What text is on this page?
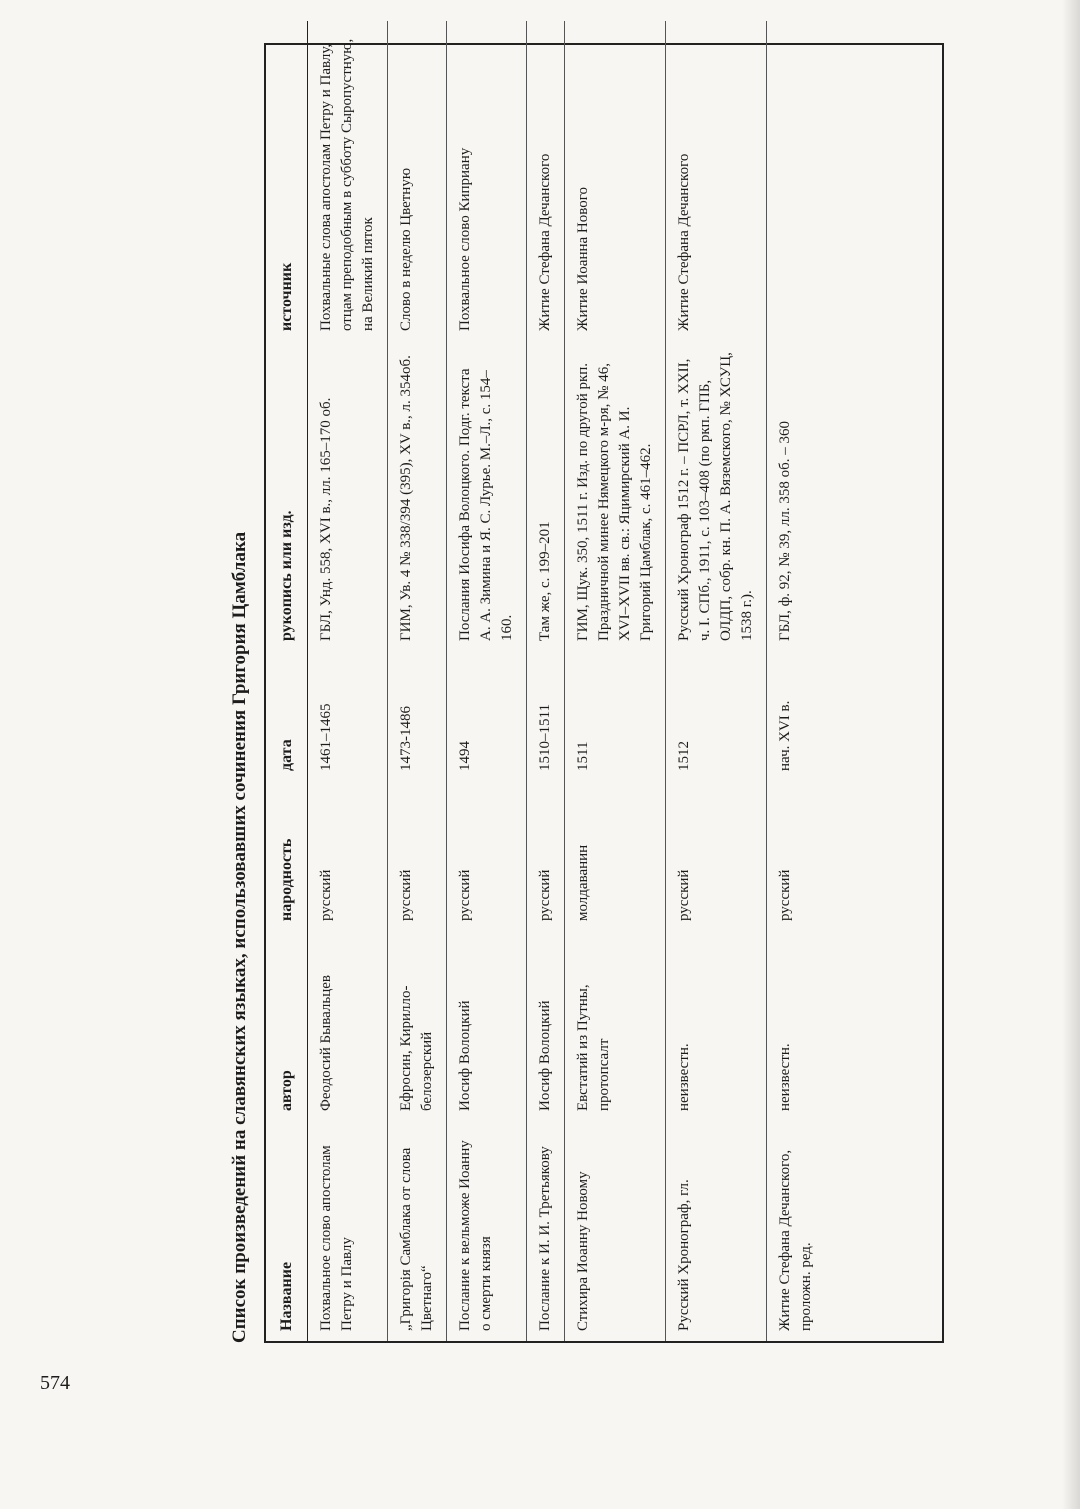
574
Список произведений на славянских языках, использовавших сочинения Григория Цамблака	Название	автор	народность	дата	рукопись или изд.	источник
Похвальное слово апостолам Петру и Павлу	Феодосий Бывальцев	русский	1461–1465	ГБЛ, Унд. 558, XVI в., лл. 165–170 об.	Похвальные слова апостолам Петру и Павлу, отцам преподобным в субботу Сыропустную, на Великий пяток
„Григорія Самблака от слова Цветнаго“	Ефросин, Кирилло-белозерский	русский	1473-1486	ГИМ, Ув. 4 № 338/394 (395), XV в., л. 354об.	Слово в неделю Цветную
Послание к вельможе Иоанну о смерти князя	Иосиф Волоцкий	русский	1494	Послания Иосифа Волоцкого. Подг. текста А. А. Зимина и Я. С. Лурье. М.–Л., с. 154–160.	Похвальное слово Киприану
Послание к И. И. Третьякову	Иосиф Волоцкий	русский	1510–1511	Там же, с. 199–201	Житие Стефана Дечанского
Стихира Иоанну Новому	Евстатий из Путны, протопсалт	молдаванин	1511	ГИМ, Щук. 350, 1511 г. Изд. по другой ркп. Праздничной минее Нямецкого м-ря, № 46, XVI–XVII вв. св.: Яцимирский А. И. Григорий Цамблак, с. 461–462.	Житие Иоанна Нового
Русский Хронограф, гл.	неизвестн.	русский	1512	Русский Хронограф 1512 г. – ПСРЛ, т. XXII, ч. I. СПб., 1911, с. 103–408 (по ркп. ГПБ, ОЛДП, собр. кн. П. А. Вяземского, № ХСУЦ, 1538 г.).	Житие Стефана Дечанского
Житие Стефана Дечанского, проложн. ред.	неизвестн.	русский	нач. XVI в.	ГБЛ, ф. 92, № 39, лл. 358 об. – 360	
